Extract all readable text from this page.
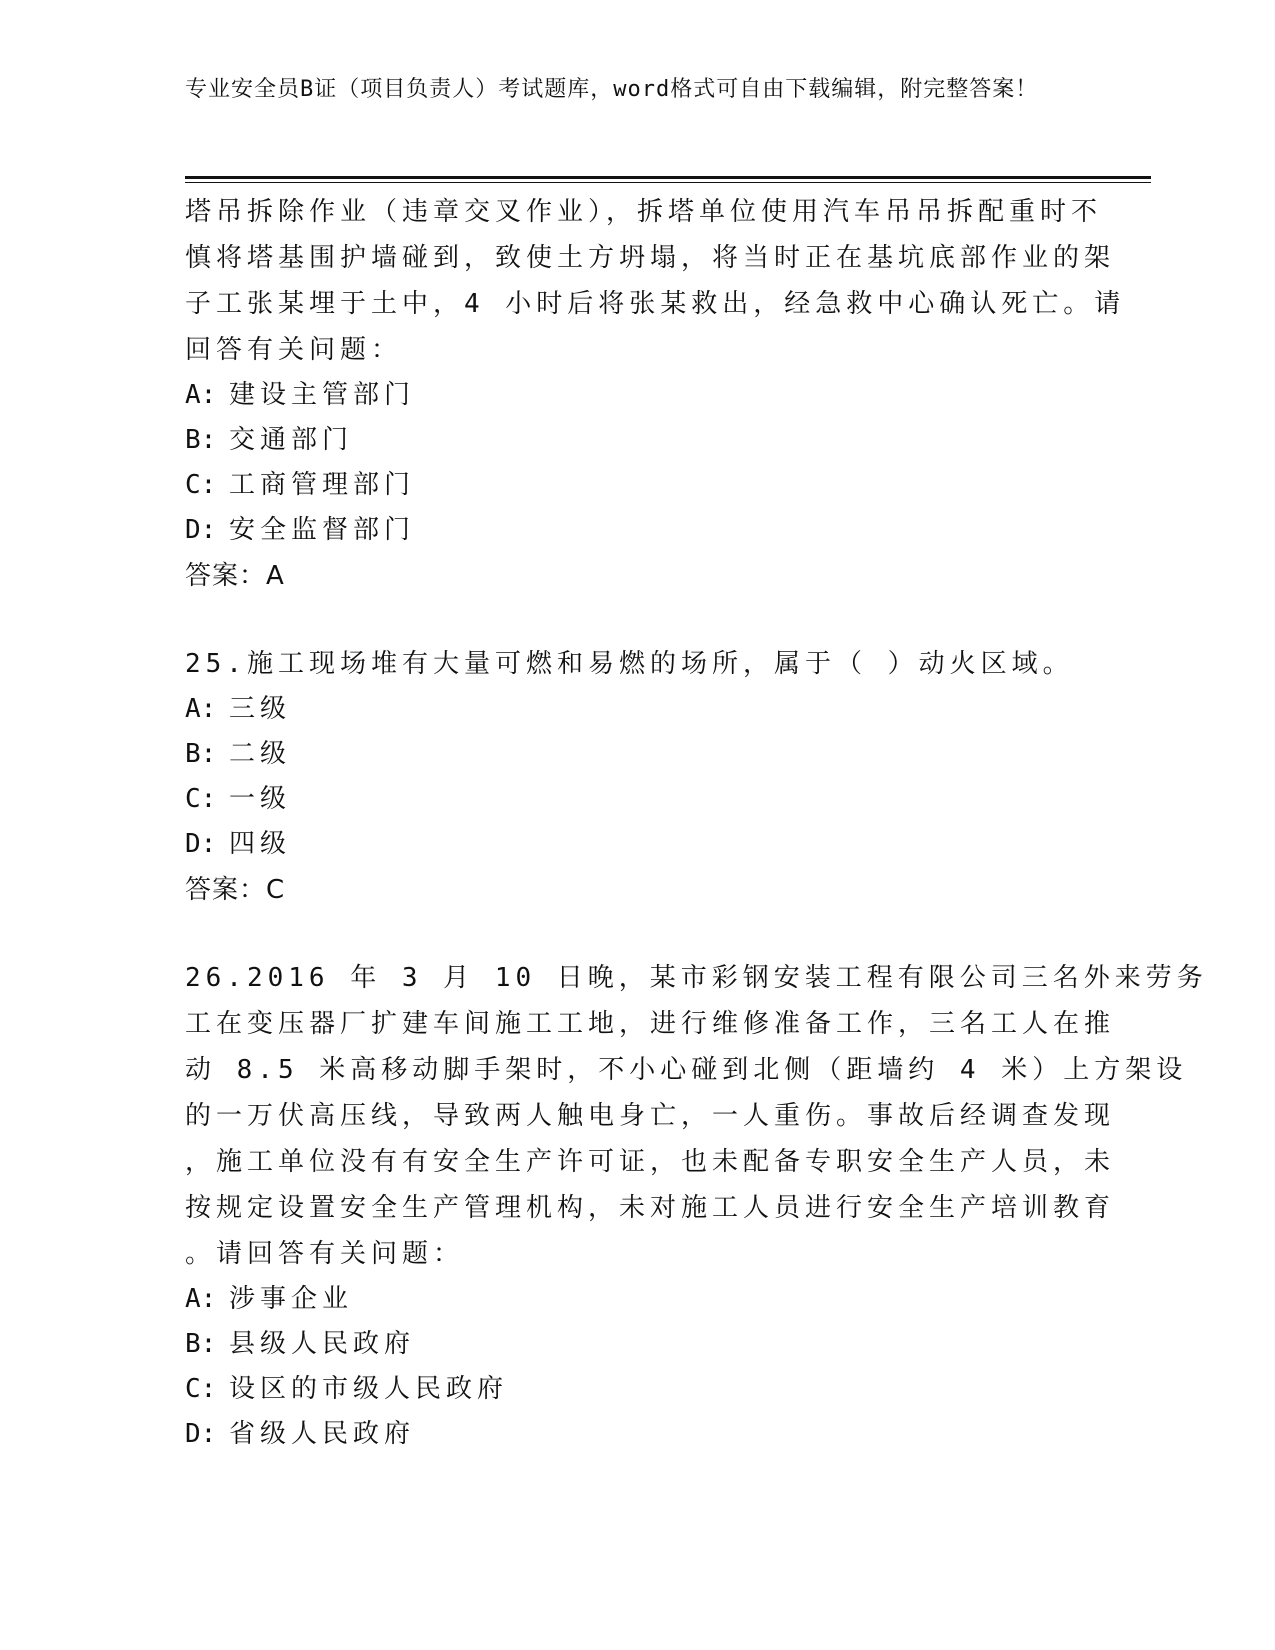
专业安全员B证（项目负责人）考试题库，word格式可自由下载编辑，附完整答案！
塔吊拆除作业（违章交叉作业），拆塔单位使用汽车吊吊拆配重时不
慎将塔基围护墙碰到，致使土方坍塌，将当时正在基坑底部作业的架
子工张某埋于土中，4 小时后将张某救出，经急救中心确认死亡。请
回答有关问题：
A: 建设主管部门
B: 交通部门
C: 工商管理部门
D: 安全监督部门
答案：A
25.施工现场堆有大量可燃和易燃的场所，属于（ ）动火区域。
A: 三级
B: 二级
C: 一级
D: 四级
答案：C
26.2016 年 3 月 10 日晚，某市彩钢安装工程有限公司三名外来劳务
工在变压器厂扩建车间施工工地，进行维修准备工作，三名工人在推
动 8.5 米高移动脚手架时，不小心碰到北侧（距墙约 4 米）上方架设
的一万伏高压线，导致两人触电身亡，一人重伤。事故后经调查发现
，施工单位没有有安全生产许可证，也未配备专职安全生产人员，未
按规定设置安全生产管理机构，未对施工人员进行安全生产培训教育
。请回答有关问题：
A: 涉事企业
B: 县级人民政府
C: 设区的市级人民政府
D: 省级人民政府
